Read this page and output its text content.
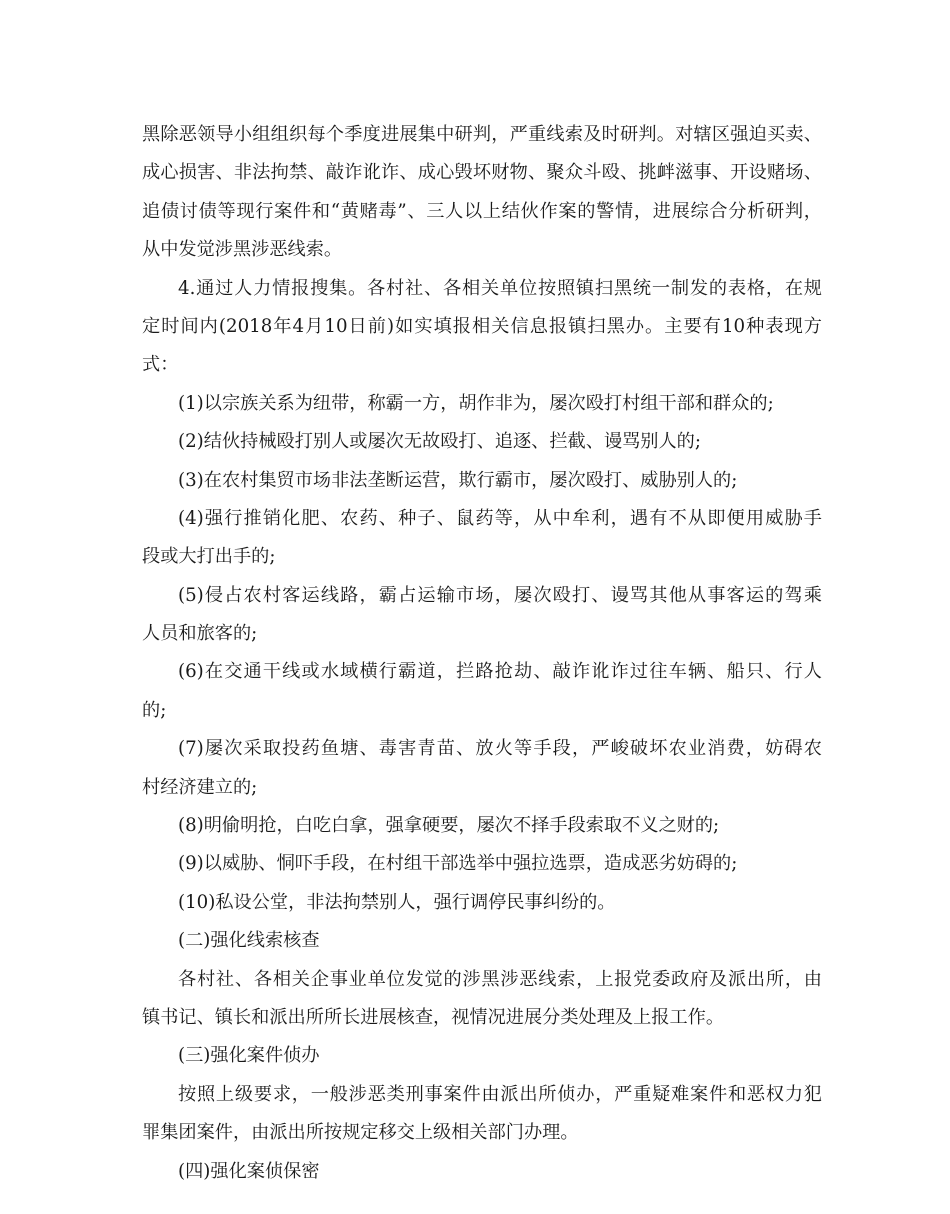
黑除恶领导小组组织每个季度进展集中研判，严重线索及时研判。对辖区强迫买卖、
成心损害、非法拘禁、敲诈讹诈、成心毁坏财物、聚众斗殴、挑衅滋事、开设赌场、
追债讨债等现行案件和“黄赌毒”、三人以上结伙作案的警情，进展综合分析研判，
从中发觉涉黑涉恶线索。
4.通过人力情报搜集。各村社、各相关单位按照镇扫黑统一制发的表格，在规
定时间内(2018年4月10日前)如实填报相关信息报镇扫黑办。主要有10种表现方
式：
(1)以宗族关系为纽带，称霸一方，胡作非为，屡次殴打村组干部和群众的;
(2)结伙持械殴打别人或屡次无故殴打、追逐、拦截、谩骂别人的;
(3)在农村集贸市场非法垄断运营，欺行霸市，屡次殴打、威胁别人的;
(4)强行推销化肥、农药、种子、鼠药等，从中牟利，遇有不从即便用威胁手
段或大打出手的;
(5)侵占农村客运线路，霸占运输市场，屡次殴打、谩骂其他从事客运的驾乘
人员和旅客的;
(6)在交通干线或水域横行霸道，拦路抢劫、敲诈讹诈过往车辆、船只、行人
的;
(7)屡次采取投药鱼塘、毒害青苗、放火等手段，严峻破坏农业消费，妨碍农
村经济建立的;
(8)明偷明抢，白吃白拿，强拿硬要，屡次不择手段索取不义之财的;
(9)以威胁、恫吓手段，在村组干部选举中强拉选票，造成恶劣妨碍的;
(10)私设公堂，非法拘禁别人，强行调停民事纠纷的。
(二)强化线索核查
各村社、各相关企事业单位发觉的涉黑涉恶线索，上报党委政府及派出所，由
镇书记、镇长和派出所所长进展核查，视情况进展分类处理及上报工作。
(三)强化案件侦办
按照上级要求，一般涉恶类刑事案件由派出所侦办，严重疑难案件和恶权力犯
罪集团案件，由派出所按规定移交上级相关部门办理。
(四)强化案侦保密
